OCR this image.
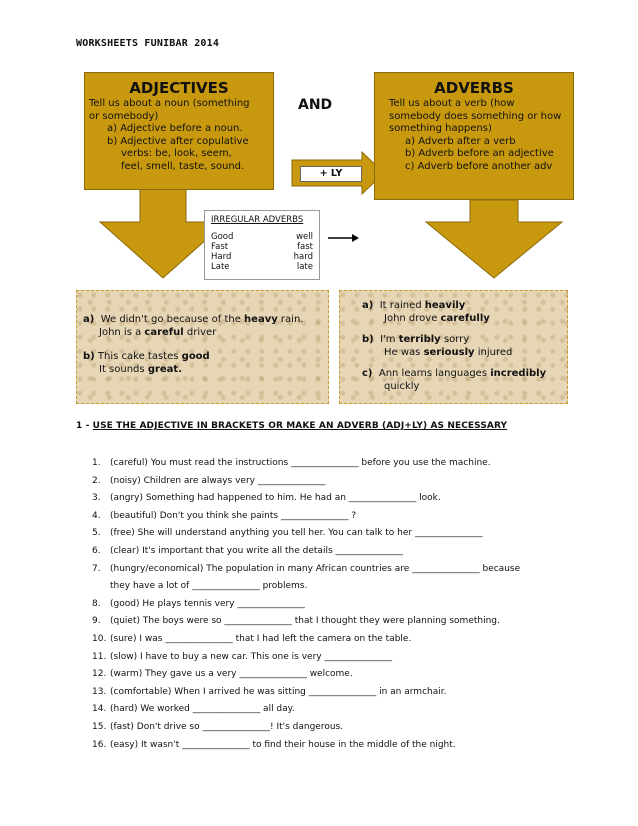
WORKSHEETS FUNIBAR 2014
ADJECTIVES
Tell us about a noun (something
or somebody)
a) Adjective before a noun.
b) Adjective after copulative
verbs: be, look, seem,
feel, smell, taste, sound.
AND
+ LY
ADVERBS
Tell us about a verb (how
somebody does something or how
something happens)
a) Adverb after a verb
b) Adverb before an adjective
c) Adverb before another adv
IRREGULAR ADVERBS
Good	well
Fast	fast
Hard	hard
Late	late
a) We didn't go because of the heavy rain.
John is a careful driver
b) This cake tastes good
It sounds great.
a) It rained heavily
John drove carefully
b) I'm terribly sorry
He was seriously injured
c) Ann learns languages incredibly
quickly
1 - USE THE ADJECTIVE IN BRACKETS OR MAKE AN ADVERB (ADJ+LY) AS NECESSARY
1. (careful) You must read the instructions _______________ before you use the machine.
2. (noisy) Children are always very _______________
3. (angry) Something had happened to him. He had an _______________ look.
4. (beautiful) Don't you think she paints _______________ ?
5. (free) She will understand anything you tell her. You can talk to her _______________
6. (clear) It's important that you write all the details _______________
7. (hungry/economical) The population in many African countries are _______________ because
they have a lot of _______________ problems.
8. (good) He plays tennis very _______________
9. (quiet) The boys were so _______________ that I thought they were planning something.
10. (sure) I was _______________ that I had left the camera on the table.
11. (slow) I have to buy a new car. This one is very _______________
12. (warm) They gave us a very _______________ welcome.
13. (comfortable) When I arrived he was sitting _______________ in an armchair.
14. (hard) We worked _______________ all day.
15. (fast) Don't drive so _______________! It's dangerous.
16. (easy) It wasn't _______________ to find their house in the middle of the night.
